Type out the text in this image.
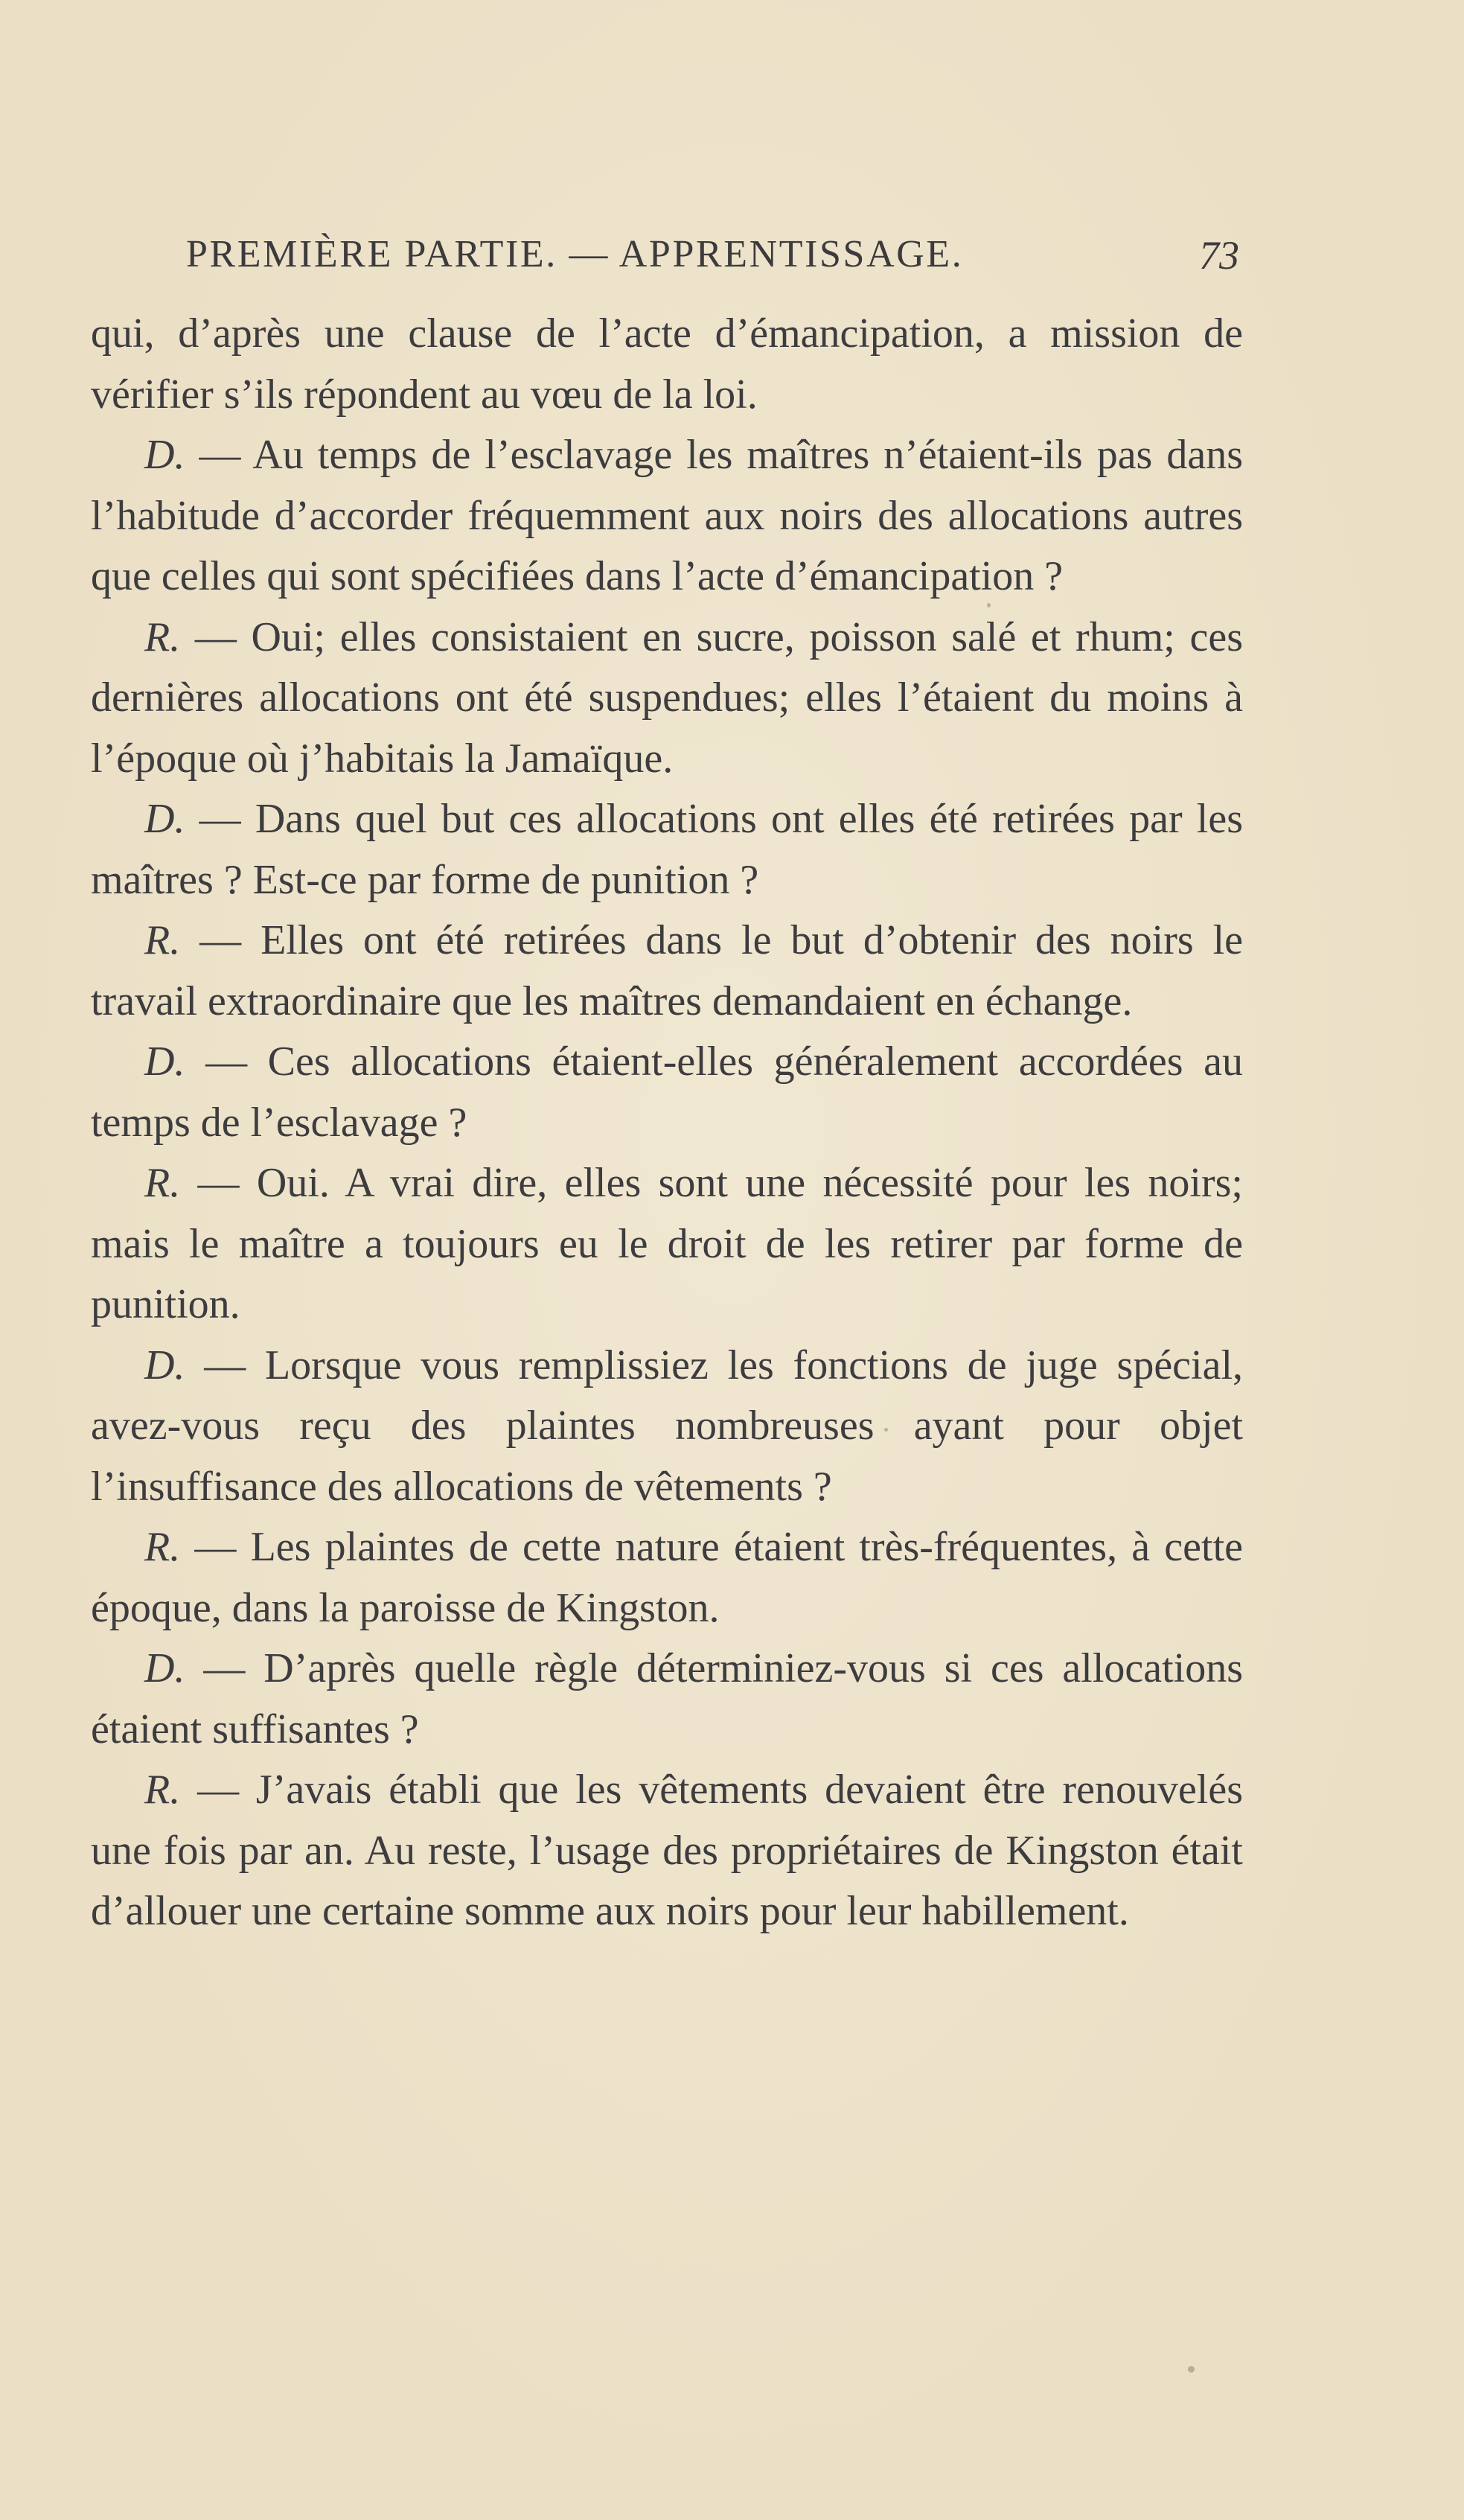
PREMIÈRE PARTIE. — APPRENTISSAGE.	73

qui, d’après une clause de l’acte d’émancipation, a mission de vérifier s’ils répondent au vœu de la loi.

D. — Au temps de l’esclavage les maîtres n’étaient-ils pas dans l’habitude d’accorder fréquemment aux noirs des allocations autres que celles qui sont spécifiées dans l’acte d’émancipation ?

R. — Oui; elles consistaient en sucre, poisson salé et rhum; ces dernières allocations ont été suspendues; elles l’étaient du moins à l’époque où j’habitais la Jamaïque.

D. — Dans quel but ces allocations ont elles été retirées par les maîtres ? Est-ce par forme de punition ?

R. — Elles ont été retirées dans le but d’obtenir des noirs le travail extraordinaire que les maîtres demandaient en échange.

D. — Ces allocations étaient-elles généralement accordées au temps de l’esclavage ?

R. — Oui. A vrai dire, elles sont une nécessité pour les noirs; mais le maître a toujours eu le droit de les retirer par forme de punition.

D. — Lorsque vous remplissiez les fonctions de juge spécial, avez-vous reçu des plaintes nombreuses ayant pour objet l’insuffisance des allocations de vêtements ?

R. — Les plaintes de cette nature étaient très-fréquentes, à cette époque, dans la paroisse de Kingston.

D. — D’après quelle règle déterminiez-vous si ces allocations étaient suffisantes ?

R. — J’avais établi que les vêtements devaient être renouvelés une fois par an. Au reste, l’usage des propriétaires de Kingston était d’allouer une certaine somme aux noirs pour leur habillement.
